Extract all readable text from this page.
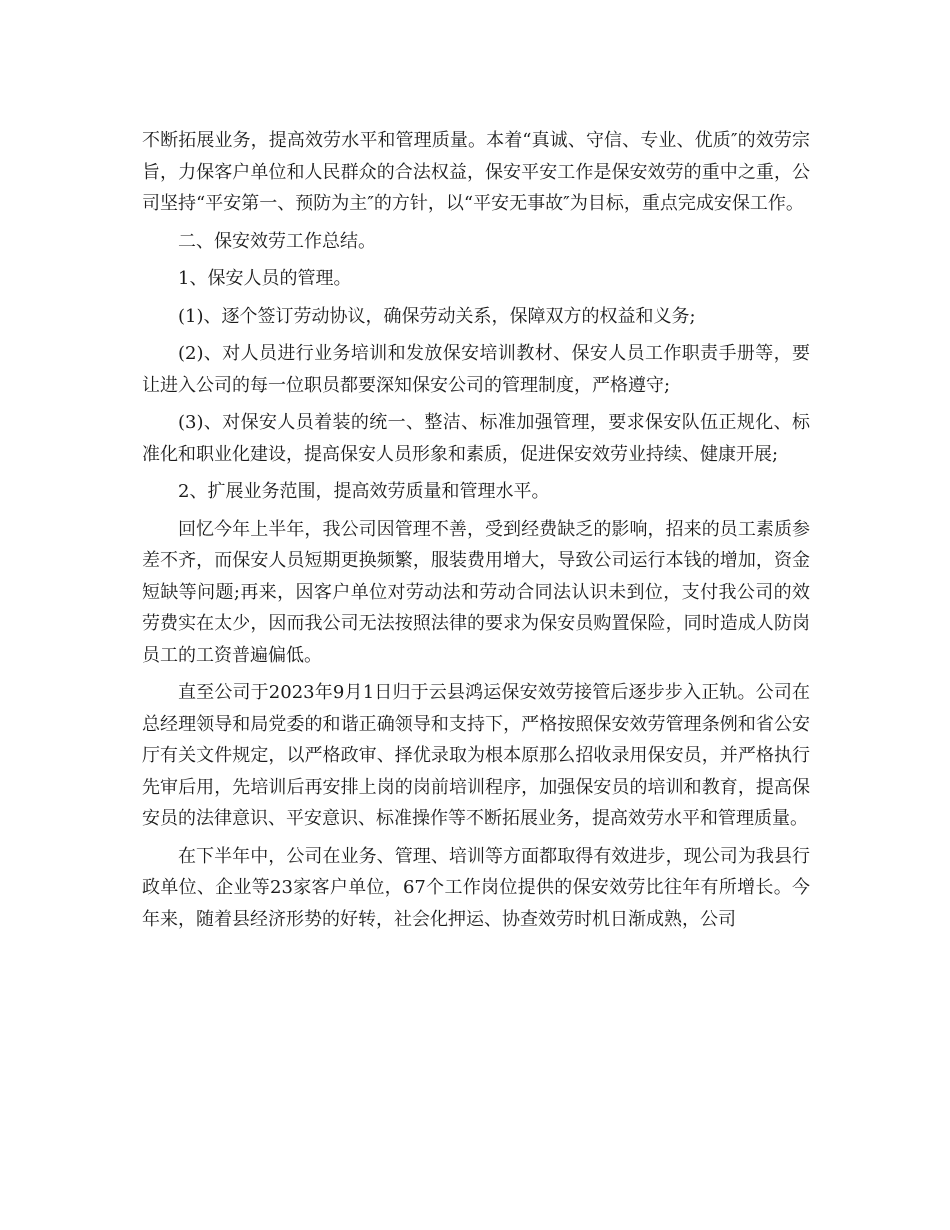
不断拓展业务，提高效劳水平和管理质量。本着“真诚、守信、专业、优质″的效劳宗旨，力保客户单位和人民群众的合法权益，保安平安工作是保安效劳的重中之重，公司坚持“平安第一、预防为主″的方针，以“平安无事故″为目标，重点完成安保工作。

二、保安效劳工作总结。

1、保安人员的管理。

(1)、逐个签订劳动协议，确保劳动关系，保障双方的权益和义务;

(2)、对人员进行业务培训和发放保安培训教材、保安人员工作职责手册等，要让进入公司的每一位职员都要深知保安公司的管理制度，严格遵守;

(3)、对保安人员着装的统一、整洁、标准加强管理，要求保安队伍正规化、标准化和职业化建设，提高保安人员形象和素质，促进保安效劳业持续、健康开展;

2、扩展业务范围，提高效劳质量和管理水平。

回忆今年上半年，我公司因管理不善，受到经费缺乏的影响，招来的员工素质参差不齐，而保安人员短期更换频繁，服装费用增大，导致公司运行本钱的增加，资金短缺等问题;再来，因客户单位对劳动法和劳动合同法认识未到位，支付我公司的效劳费实在太少，因而我公司无法按照法律的要求为保安员购置保险，同时造成人防岗员工的工资普遍偏低。

直至公司于2023年9月1日归于云县鸿运保安效劳接管后逐步步入正轨。公司在总经理领导和局党委的和谐正确领导和支持下，严格按照保安效劳管理条例和省公安厅有关文件规定，以严格政审、择优录取为根本原那么招收录用保安员，并严格执行先审后用，先培训后再安排上岗的岗前培训程序，加强保安员的培训和教育，提高保安员的法律意识、平安意识、标准操作等不断拓展业务，提高效劳水平和管理质量。

在下半年中，公司在业务、管理、培训等方面都取得有效进步，现公司为我县行政单位、企业等23家客户单位，67个工作岗位提供的保安效劳比往年有所增长。今年来，随着县经济形势的好转，社会化押运、协查效劳时机日渐成熟，公司
